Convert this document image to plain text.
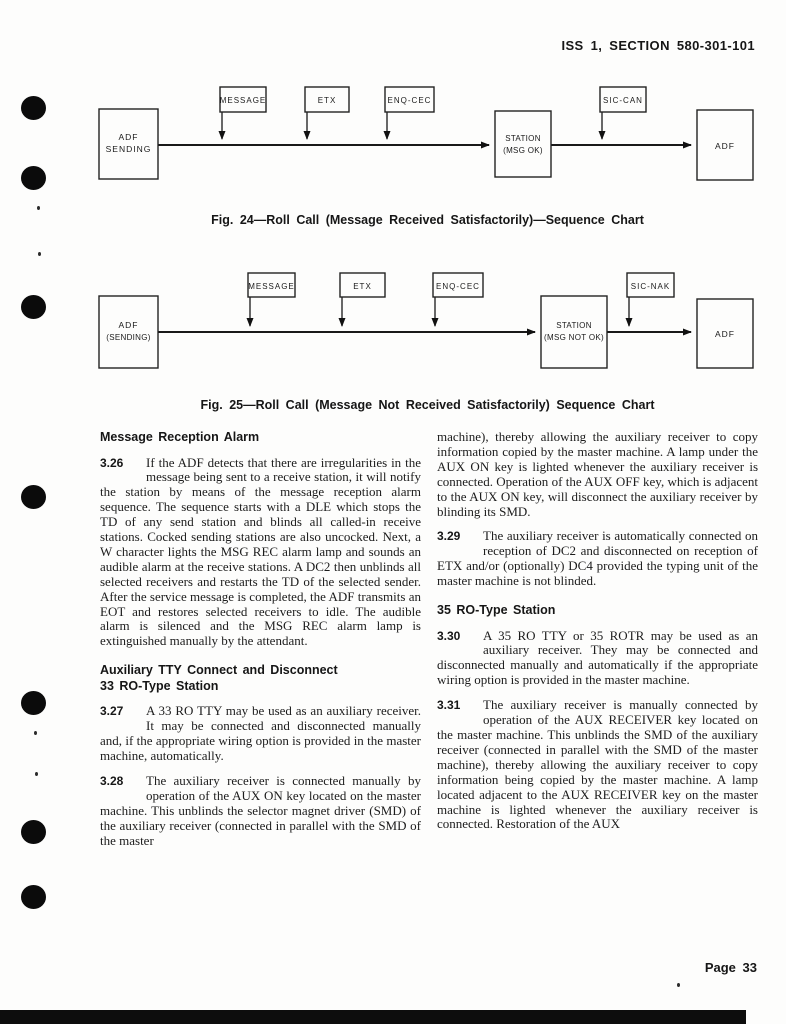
ISS 1, SECTION 580-301-101
ADF
SENDING
MESSAGE	ETX	ENQ-CEC
STATION
(MSG OK)
SIC-CAN
ADF
Fig. 24—Roll Call (Message Received Satisfactorily)—Sequence Chart
ADF
(SENDING)
MESSAGE	ETX	ENQ-CEC
STATION
(MSG NOT OK)
SIC-NAK
ADF
Fig. 25—Roll Call (Message Not Received Satisfactorily) Sequence Chart
Message Reception Alarm

3.26 If the ADF detects that there are irregularities in the message being sent to a receive station, it will notify the station by means of the message reception alarm sequence. The sequence starts with a DLE which stops the TD of any send station and blinds all called-in receive stations. Cocked sending stations are also uncocked. Next, a W character lights the MSG REC alarm lamp and sounds an audible alarm at the receive stations. A DC2 then unblinds all selected receivers and restarts the TD of the selected sender. After the service message is completed, the ADF transmits an EOT and restores selected receivers to idle. The audible alarm is silenced and the MSG REC alarm lamp is extinguished manually by the attendant.

Auxiliary TTY Connect and Disconnect
33 RO-Type Station

3.27 A 33 RO TTY may be used as an auxiliary receiver. It may be connected and disconnected manually and, if the appropriate wiring option is provided in the master machine, automatically.

3.28 The auxiliary receiver is connected manually by operation of the AUX ON key located on the master machine. This unblinds the selector magnet driver (SMD) of the auxiliary receiver (connected in parallel with the SMD of the master

machine), thereby allowing the auxiliary receiver to copy information copied by the master machine. A lamp under the AUX ON key is lighted whenever the auxiliary receiver is connected. Operation of the AUX OFF key, which is adjacent to the AUX ON key, will disconnect the auxiliary receiver by blinding its SMD.

3.29 The auxiliary receiver is automatically connected on reception of DC2 and disconnected on reception of ETX and/or (optionally) DC4 provided the typing unit of the master machine is not blinded.

35 RO-Type Station

3.30 A 35 RO TTY or 35 ROTR may be used as an auxiliary receiver. They may be connected and disconnected manually and automatically if the appropriate wiring option is provided in the master machine.

3.31 The auxiliary receiver is manually connected by operation of the AUX RECEIVER key located on the master machine. This unblinds the SMD of the auxiliary receiver (connected in parallel with the SMD of the master machine), thereby allowing the auxiliary receiver to copy information being copied by the master machine. A lamp located adjacent to the AUX RECEIVER key on the master machine is lighted whenever the auxiliary receiver is connected. Restoration of the AUX

Page 33
